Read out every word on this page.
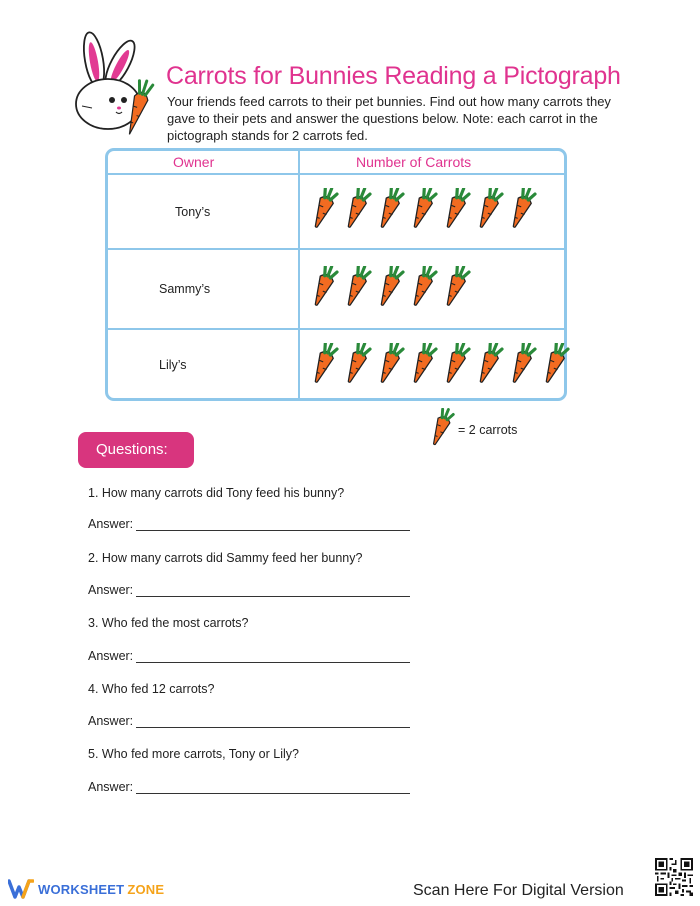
Carrots for Bunnies Reading a Pictograph
Your friends feed carrots to their pet bunnies. Find out how many carrots they gave to their pets and answer the questions below. Note: each carrot in the pictograph stands for 2 carrots fed.
Owner	Number of Carrots
Tony’s
Sammy’s
Lily’s
= 2 carrots
Questions:
1. How many carrots did Tony feed his bunny?
Answer:
2. How many carrots did Sammy feed her bunny?
Answer:
3. Who fed the most carrots?
Answer:
4. Who fed 12 carrots?
Answer:
5. Who fed more carrots, Tony or Lily?
Answer:
WORKSHEET ZONE	Scan Here For Digital Version
